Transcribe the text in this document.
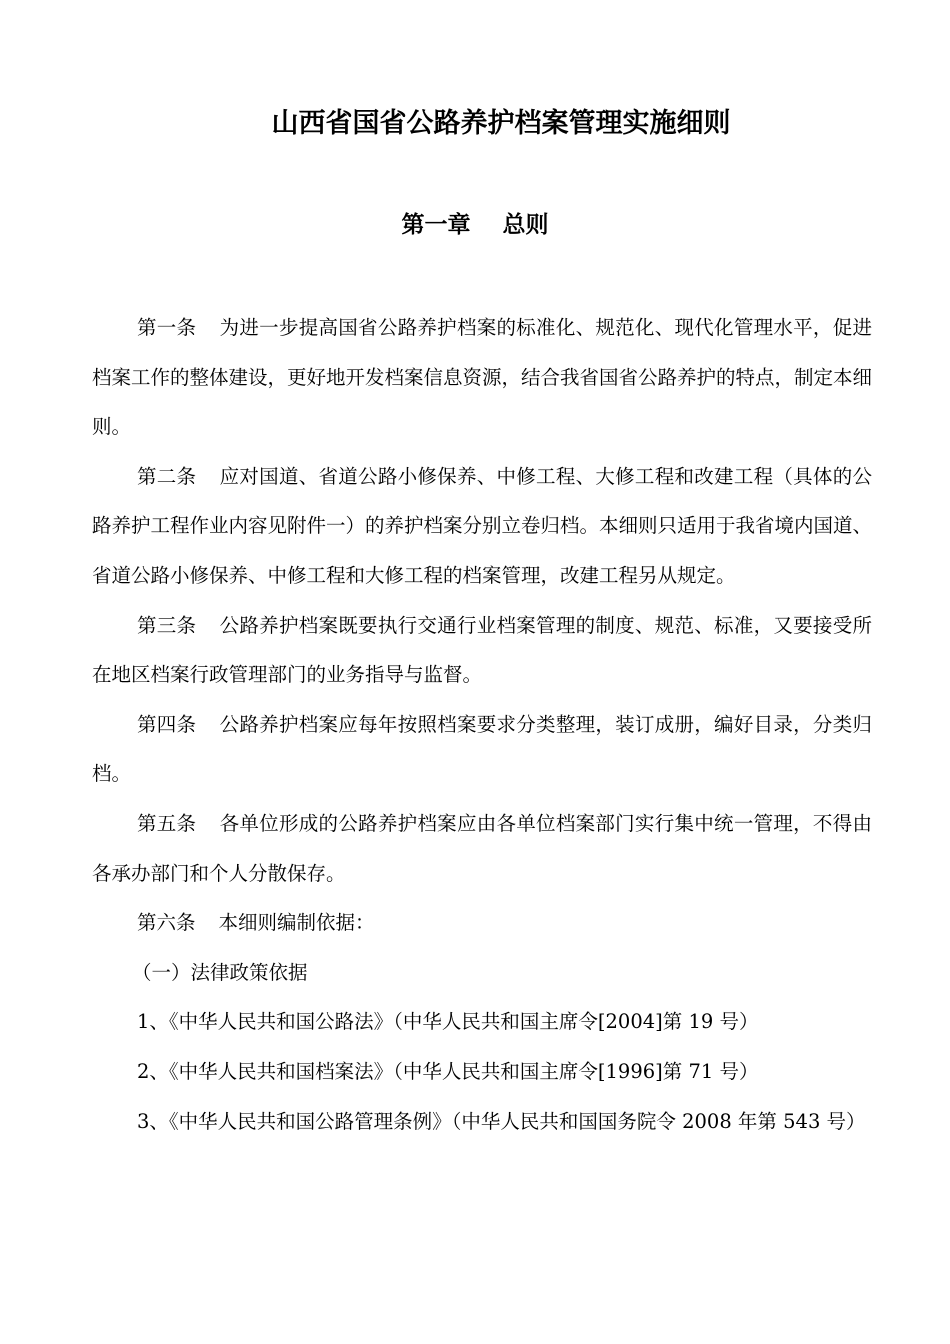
山西省国省公路养护档案管理实施细则
第一章    总则

第一条 为进一步提高国省公路养护档案的标准化、规范化、现代化管理水平，促进档案工作的整体建设，更好地开发档案信息资源，结合我省国省公路养护的特点，制定本细则。

第二条 应对国道、省道公路小修保养、中修工程、大修工程和改建工程（具体的公路养护工程作业内容见附件一）的养护档案分别立卷归档。本细则只适用于我省境内国道、省道公路小修保养、中修工程和大修工程的档案管理，改建工程另从规定。

第三条 公路养护档案既要执行交通行业档案管理的制度、规范、标准，又要接受所在地区档案行政管理部门的业务指导与监督。

第四条 公路养护档案应每年按照档案要求分类整理，装订成册，编好目录，分类归档。

第五条 各单位形成的公路养护档案应由各单位档案部门实行集中统一管理，不得由各承办部门和个人分散保存。

第六条 本细则编制依据：

（一）法律政策依据

1、《中华人民共和国公路法》（中华人民共和国主席令[2004]第 19 号）

2、《中华人民共和国档案法》（中华人民共和国主席令[1996]第 71 号）

3、《中华人民共和国公路管理条例》（中华人民共和国国务院令 2008 年第 543 号）
